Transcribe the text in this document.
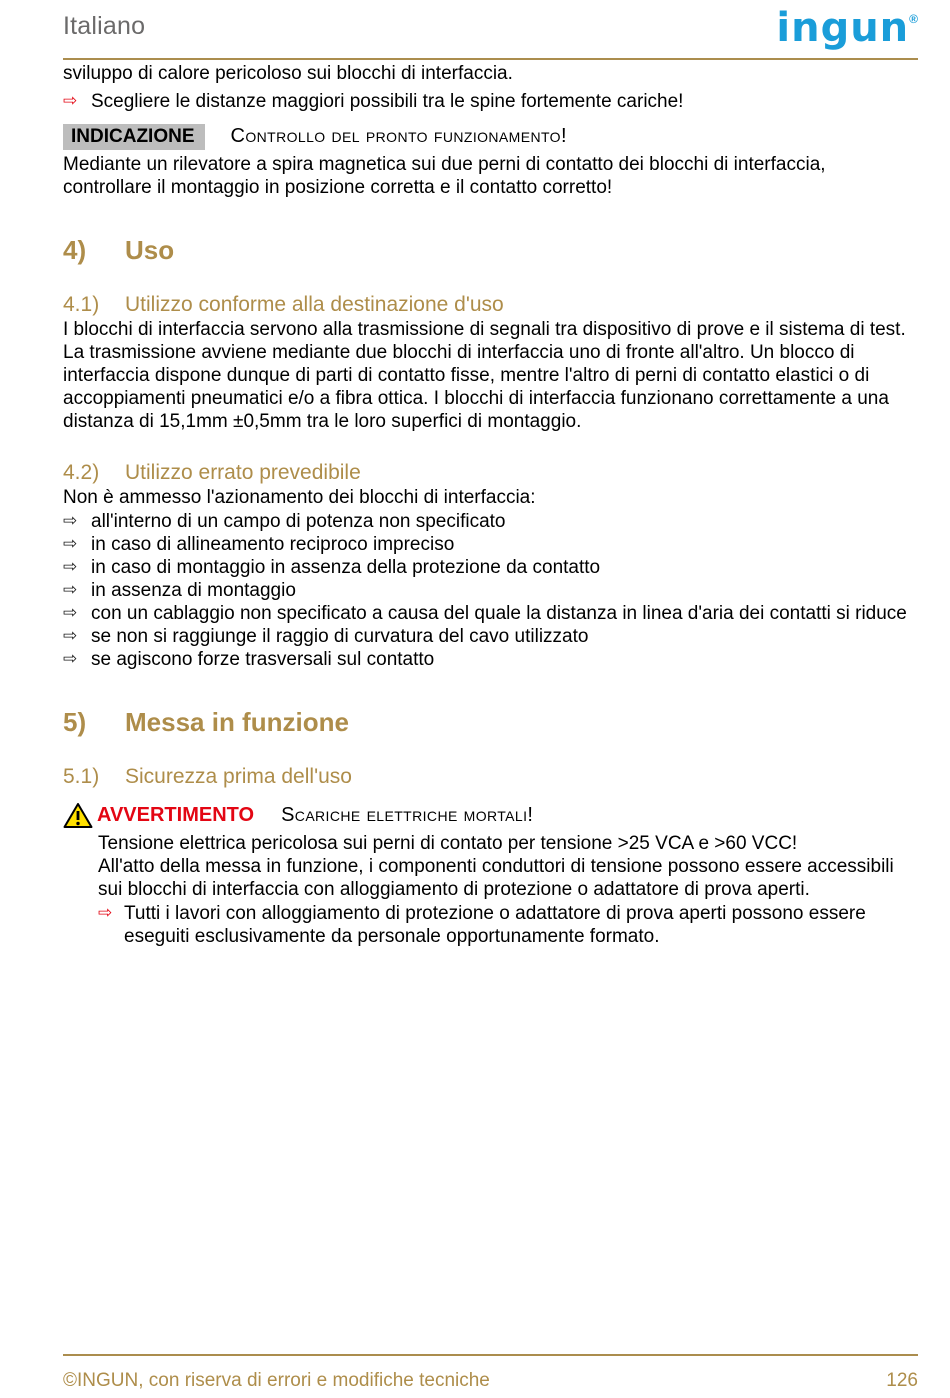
Italiano	ingun®

sviluppo di calore pericoloso sui blocchi di interfaccia.

⇨ Scegliere le distanze maggiori possibili tra le spine fortemente cariche!
INDICAZIONE	Controllo del pronto funzionamento!

Mediante un rilevatore a spira magnetica sui due perni di contatto dei blocchi di interfaccia, controllare il montaggio in posizione corretta e il contatto corretto!

4)	Uso
4.1)	Utilizzo conforme alla destinazione d'uso

I blocchi di interfaccia servono alla trasmissione di segnali tra dispositivo di prove e il sistema di test. La trasmissione avviene mediante due blocchi di interfaccia uno di fronte all'altro. Un blocco di interfaccia dispone dunque di parti di contatto fisse, mentre l'altro di perni di contatto elastici o di accoppiamenti pneumatici e/o a fibra ottica. I blocchi di interfaccia funzionano correttamente a una distanza di 15,1mm ±0,5mm tra le loro superfici di montaggio.

4.2)	Utilizzo errato prevedibile

Non è ammesso l'azionamento dei blocchi di interfaccia:

⇨ all'interno di un campo di potenza non specificato
⇨ in caso di allineamento reciproco impreciso
⇨ in caso di montaggio in assenza della protezione da contatto
⇨ in assenza di montaggio
⇨ con un cablaggio non specificato a causa del quale la distanza in linea d'aria dei contatti si riduce
⇨ se non si raggiunge il raggio di curvatura del cavo utilizzato
⇨ se agiscono forze trasversali sul contatto
5)	Messa in funzione
5.1)	Sicurezza prima dell'uso
AVVERTIMENTO Scariche elettriche mortali!

Tensione elettrica pericolosa sui perni di contato per tensione >25 VCA e >60 VCC!

All'atto della messa in funzione, i componenti conduttori di tensione possono essere accessibili sui blocchi di interfaccia con alloggiamento di protezione o adattatore di prova aperti.

⇨ Tutti i lavori con alloggiamento di protezione o adattatore di prova aperti possono essere eseguiti esclusivamente da personale opportunamente formato.
©INGUN, con riserva di errori e modifiche tecniche	126
